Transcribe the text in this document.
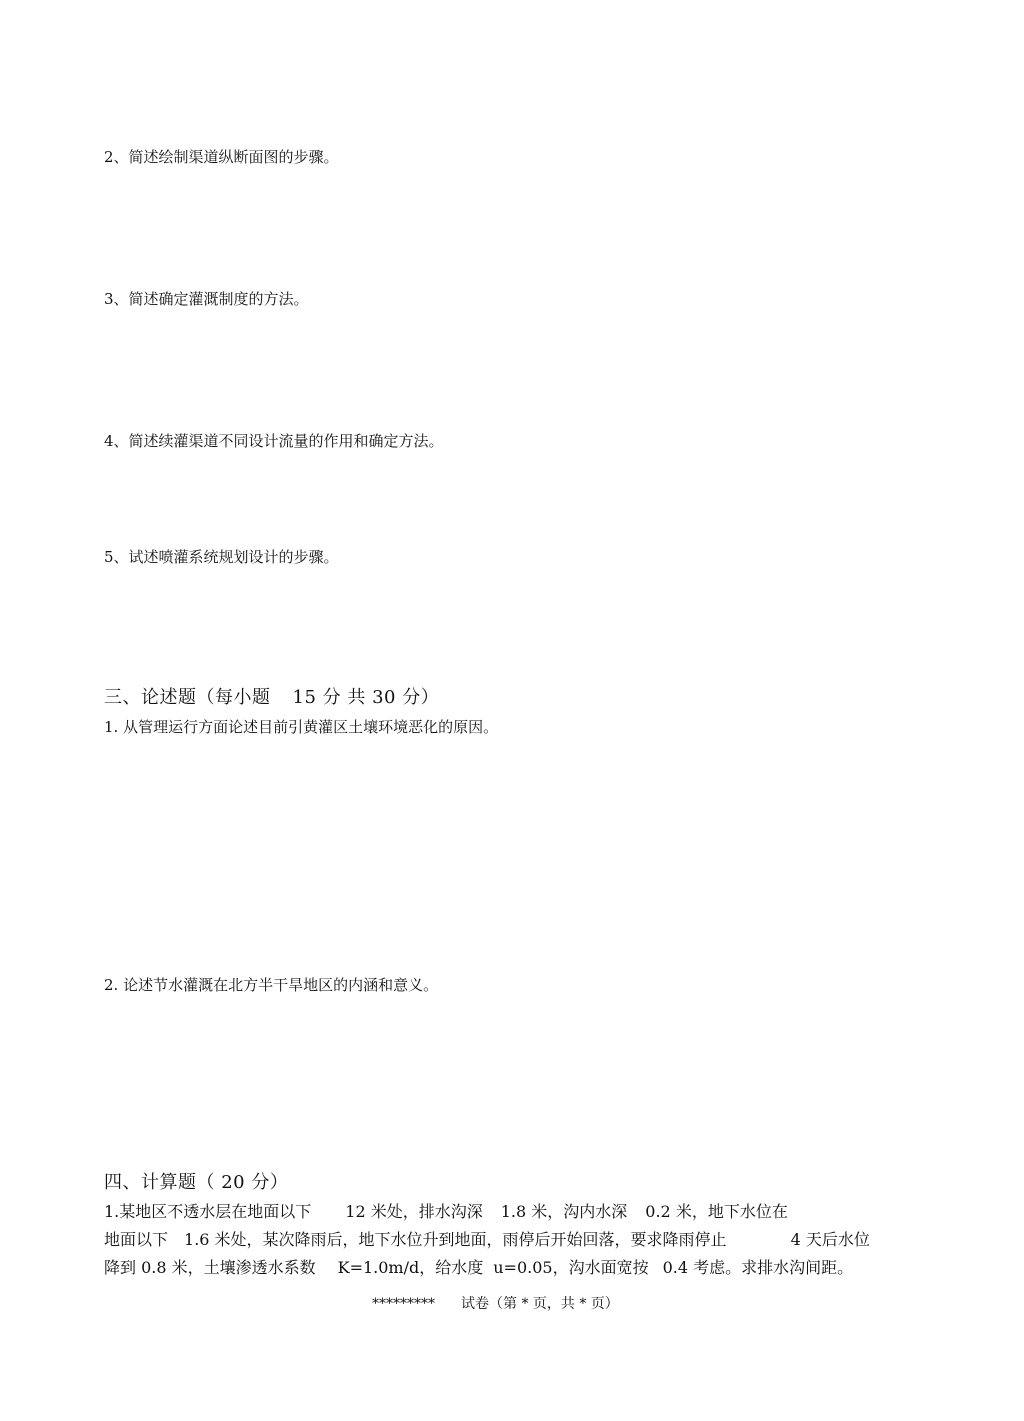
2、简述绘制渠道纵断面图的步骤。
3、简述确定灌溉制度的方法。
4、简述续灌渠道不同设计流量的作用和确定方法。
5、试述喷灌系统规划设计的步骤。
三、论述题（每小题 15 分 共 30 分）
1. 从管理运行方面论述目前引黄灌区土壤环境恶化的原因。
2. 论述节水灌溉在北方半干旱地区的内涵和意义。
四、计算题（ 20 分）
1.某地区不透水层在地面以下 12 米处，排水沟深 1.8 米，沟内水深 0.2 米，地下水位在
地面以下 1.6 米处，某次降雨后，地下水位升到地面，雨停后开始回落，要求降雨停止	4 天后水位
降到 0.8 米，土壤渗透水系数 K=1.0m/d，给水度 u=0.05，沟水面宽按 0.4 考虑。求排水沟间距。
********* 试卷（第 * 页，共 * 页）
